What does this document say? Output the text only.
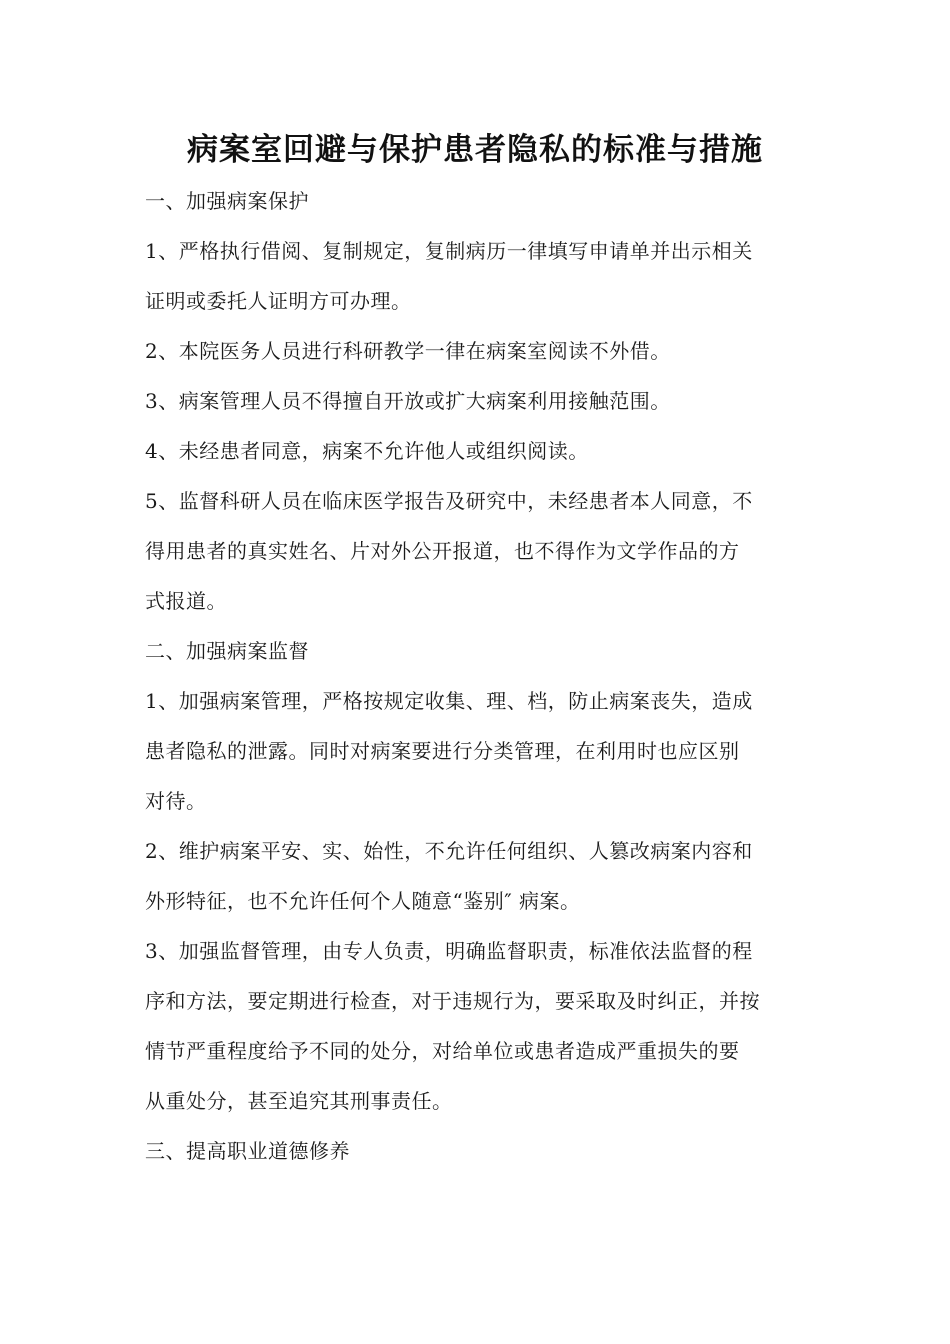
病案室回避与保护患者隐私的标准与措施
一、加强病案保护
1、严格执行借阅、复制规定，复制病历一律填写申请单并出示相关
证明或委托人证明方可办理。
2、本院医务人员进行科研教学一律在病案室阅读不外借。
3、病案管理人员不得擅自开放或扩大病案利用接触范围。
4、未经患者同意，病案不允许他人或组织阅读。
5、监督科研人员在临床医学报告及研究中，未经患者本人同意，不
得用患者的真实姓名、片对外公开报道，也不得作为文学作品的方
式报道。
二、加强病案监督
1、加强病案管理，严格按规定收集、理、档，防止病案丧失，造成
患者隐私的泄露。同时对病案要进行分类管理，在利用时也应区别
对待。
2、维护病案平安、实、始性，不允许任何组织、人篡改病案内容和
外形特征，也不允许任何个人随意“鉴别″ 病案。
3、加强监督管理，由专人负责，明确监督职责，标准依法监督的程
序和方法，要定期进行检查，对于违规行为，要采取及时纠正，并按
情节严重程度给予不同的处分，对给单位或患者造成严重损失的要
从重处分，甚至追究其刑事责任。
三、提高职业道德修养
